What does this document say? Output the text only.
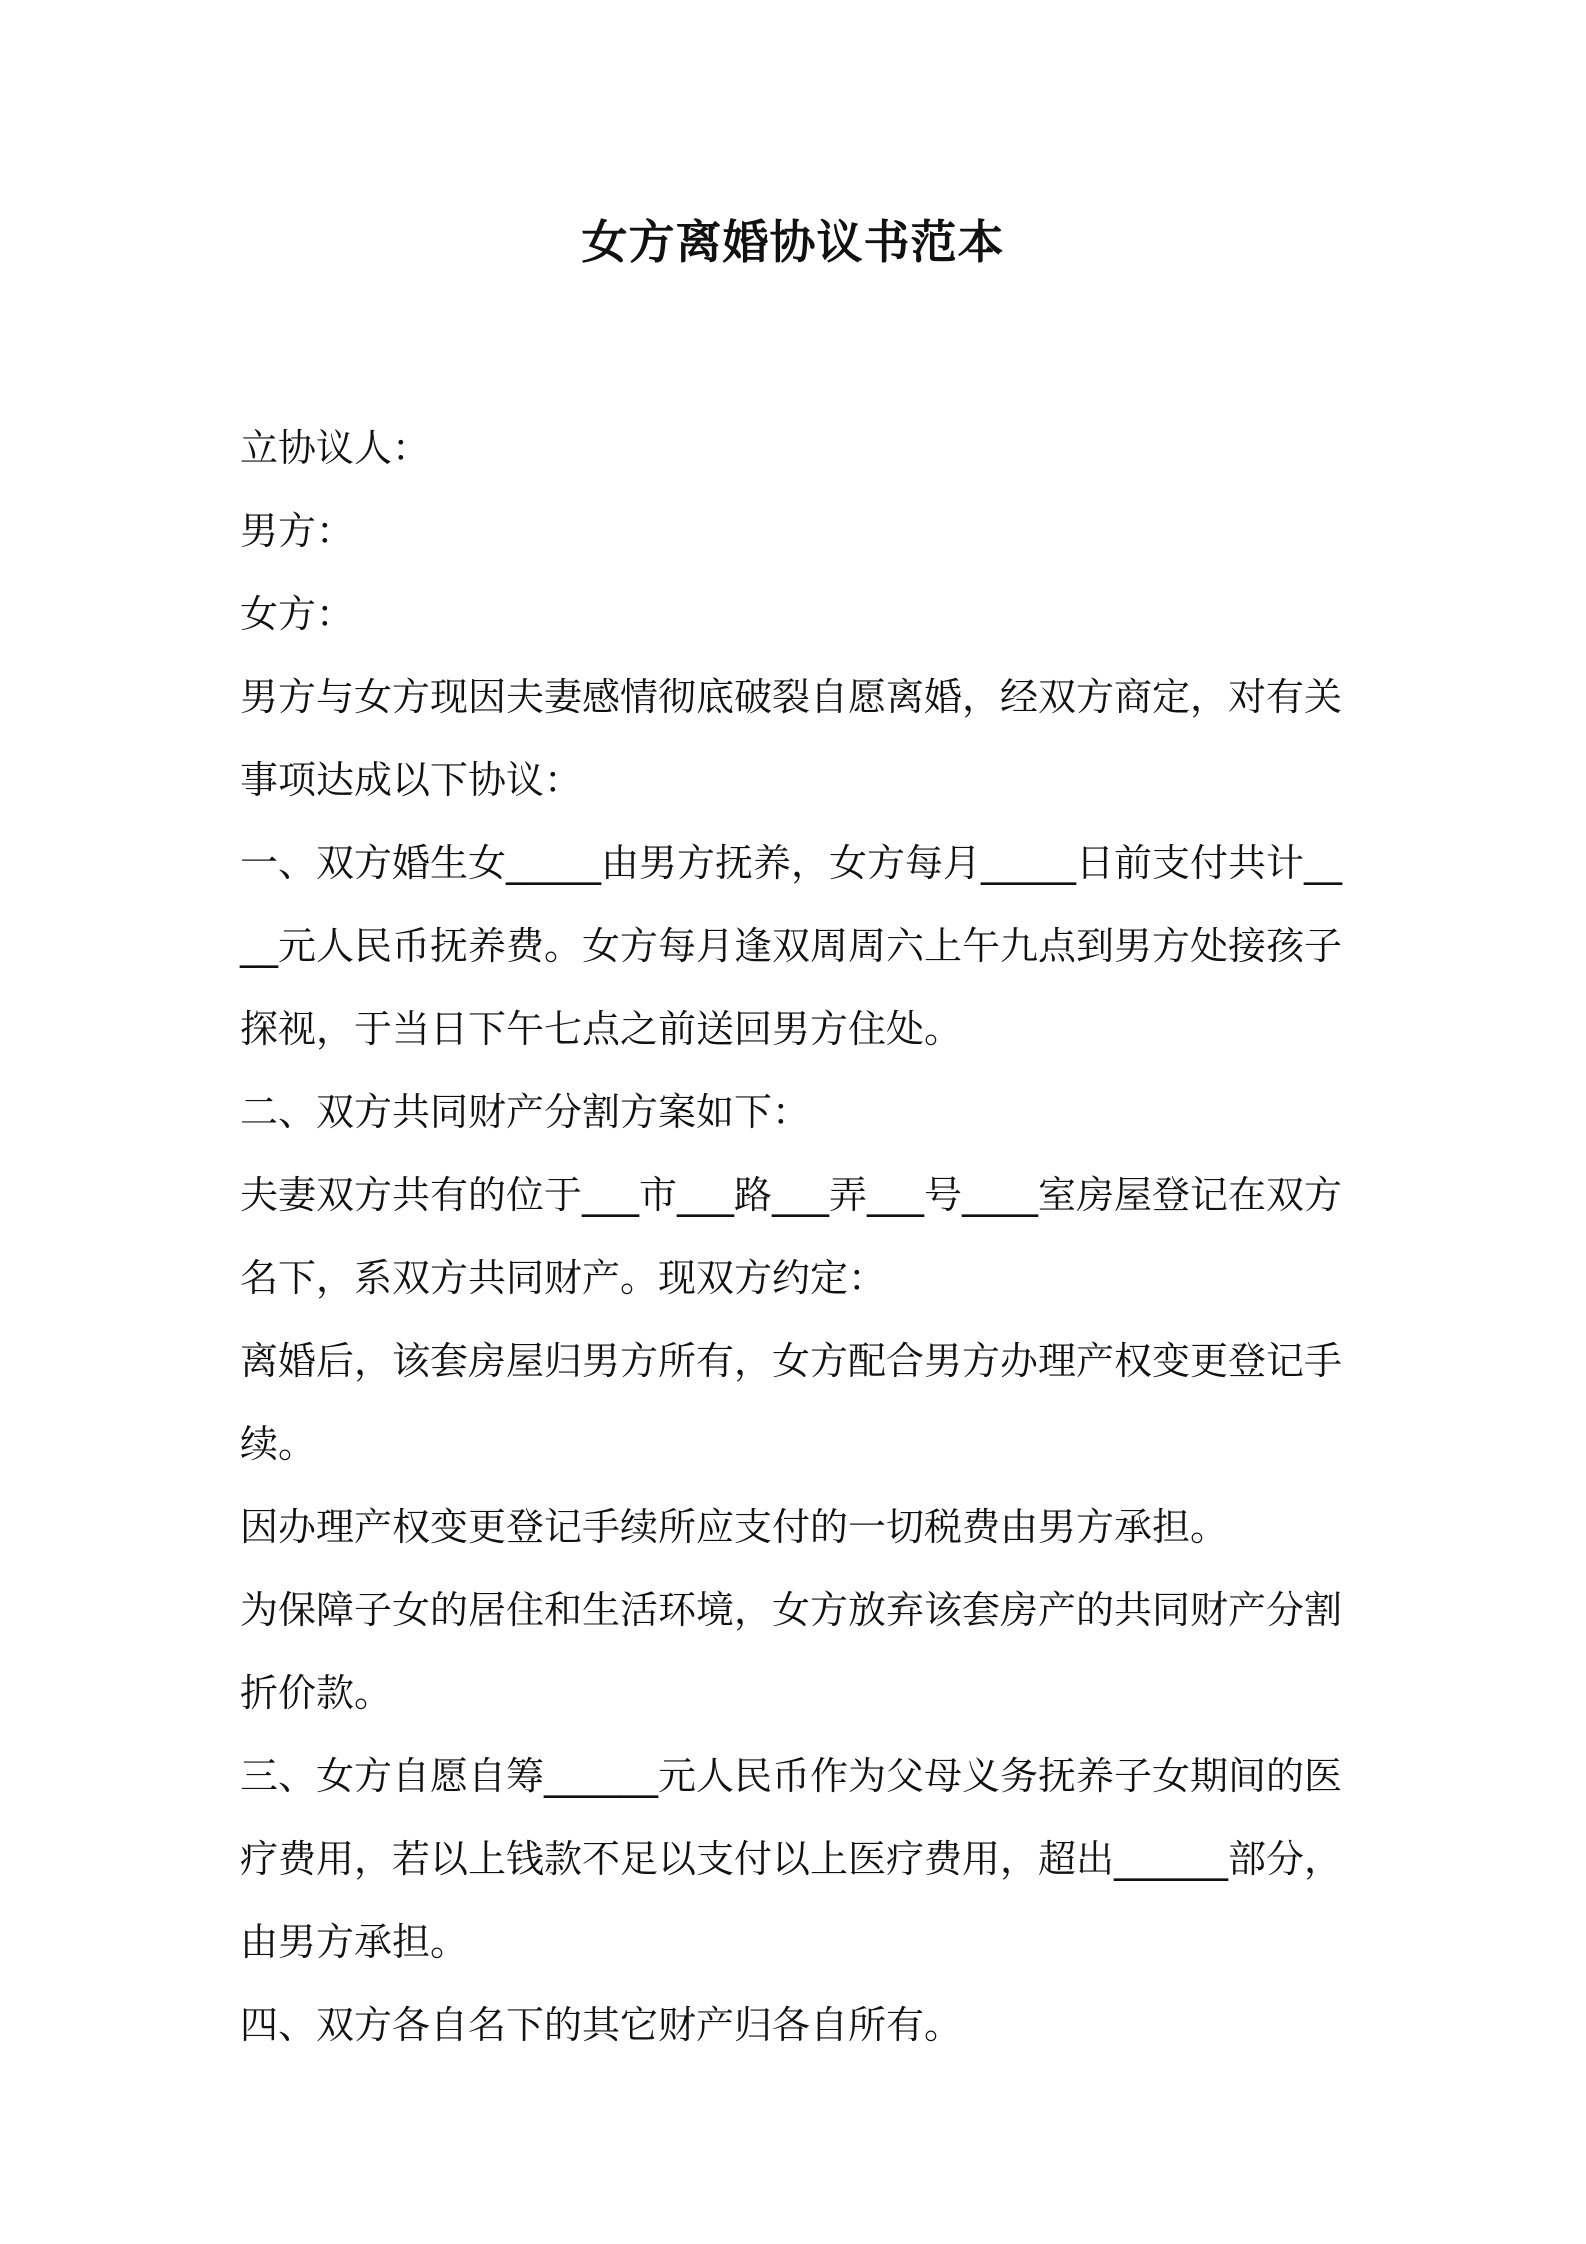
女方离婚协议书范本

立协议人：

男方：

女方：

男方与女方现因夫妻感情彻底破裂自愿离婚，经双方商定，对有关事项达成以下协议：

一、双方婚生女_____由男方抚养，女方每月_____日前支付共计____元人民币抚养费。女方每月逢双周周六上午九点到男方处接孩子探视，于当日下午七点之前送回男方住处。

二、双方共同财产分割方案如下：

夫妻双方共有的位于___市___路___弄___号____室房屋登记在双方名下，系双方共同财产。现双方约定：

离婚后，该套房屋归男方所有，女方配合男方办理产权变更登记手续。

因办理产权变更登记手续所应支付的一切税费由男方承担。

为保障子女的居住和生活环境，女方放弃该套房产的共同财产分割折价款。

三、女方自愿自筹______元人民币作为父母义务抚养子女期间的医疗费用，若以上钱款不足以支付以上医疗费用，超出______部分，由男方承担。

四、双方各自名下的其它财产归各自所有。
